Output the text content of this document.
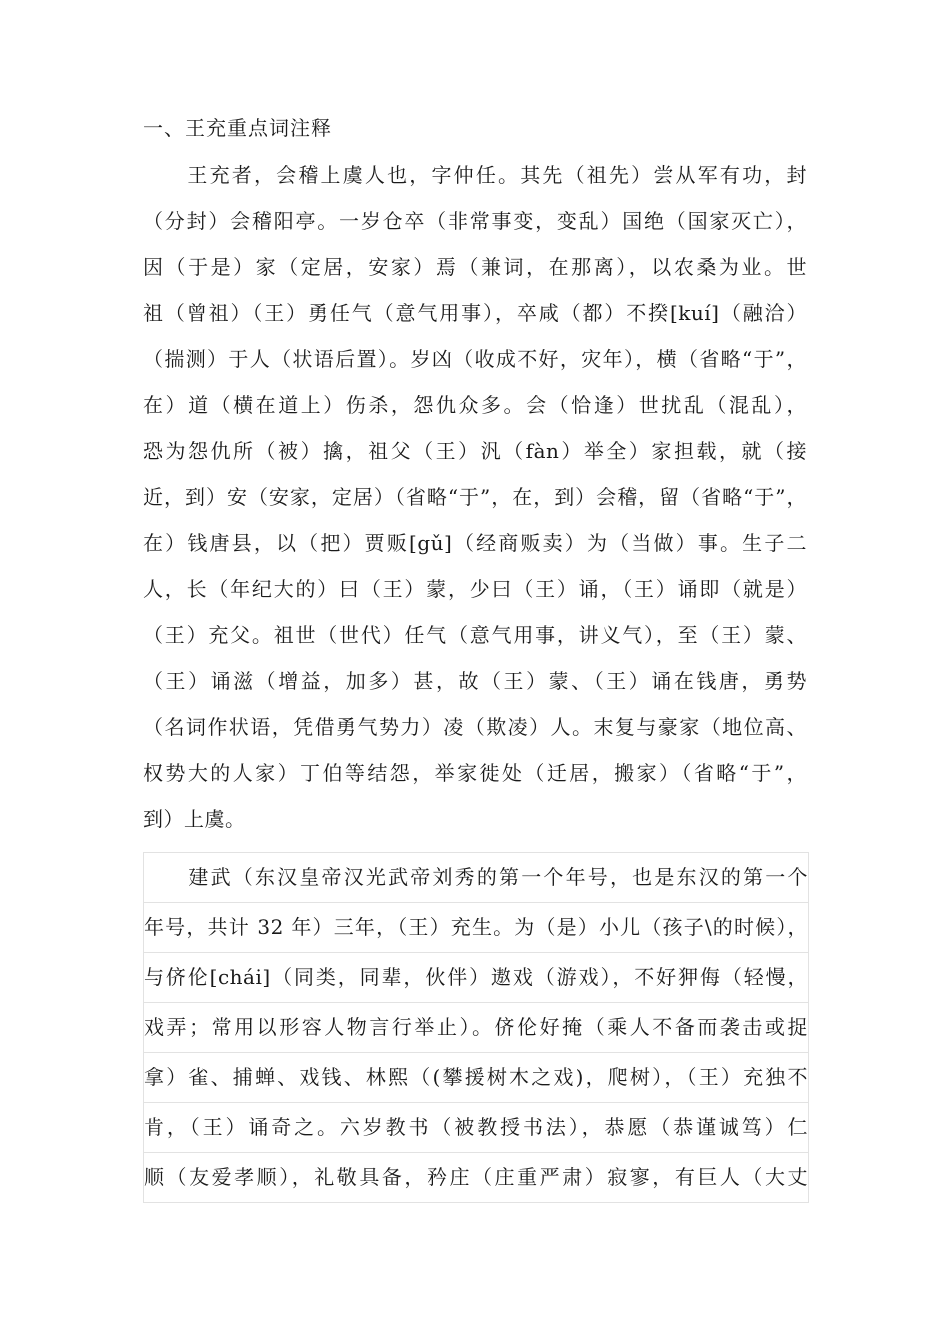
一、王充重点词注释
　　王充者，会稽上虞人也，字仲任。其先（祖先）尝从军有功，封
（分封）会稽阳亭。一岁仓卒（非常事变，变乱）国绝（国家灭亡），
因（于是）家（定居，安家）焉（兼词，在那离），以农桑为业。世
祖（曾祖）（王）勇任气（意气用事），卒咸（都）不揆[kuí]（融洽）
（揣测）于人（状语后置）。岁凶（收成不好，灾年），横（省略“于”，
在）道（横在道上）伤杀，怨仇众多。会（恰逢）世扰乱（混乱），
恐为怨仇所（被）擒，祖父（王）汎（fàn）举全）家担载，就（接
近，到）安（安家，定居）（省略“于”，在，到）会稽，留（省略“于”，
在）钱唐县，以（把）贾贩[gǔ]（经商贩卖）为（当做）事。生子二
人，长（年纪大的）曰（王）蒙，少曰（王）诵，（王）诵即（就是）
（王）充父。祖世（世代）任气（意气用事，讲义气），至（王）蒙、
（王）诵滋（增益，加多）甚，故（王）蒙、（王）诵在钱唐，勇势
（名词作状语，凭借勇气势力）凌（欺凌）人。末复与豪家（地位高、
权势大的人家）丁伯等结怨，举家徙处（迁居，搬家）（省略“于”，
到）上虞。
　　建武（东汉皇帝汉光武帝刘秀的第一个年号，也是东汉的第一个
年号，共计 32 年）三年，（王）充生。为（是）小儿（孩子\的时候），
与侪伦[chái]（同类，同辈，伙伴）遨戏（游戏），不好狎侮（轻慢，
戏弄；常用以形容人物言行举止）。侪伦好掩（乘人不备而袭击或捉
拿）雀、捕蝉、戏钱、林熙（(攀援树木之戏)，爬树），（王）充独不
肯，（王）诵奇之。六岁教书（被教授书法），恭愿（恭谨诚笃）仁
顺（友爱孝顺），礼敬具备，矜庄（庄重严肃）寂寥，有巨人（大丈
